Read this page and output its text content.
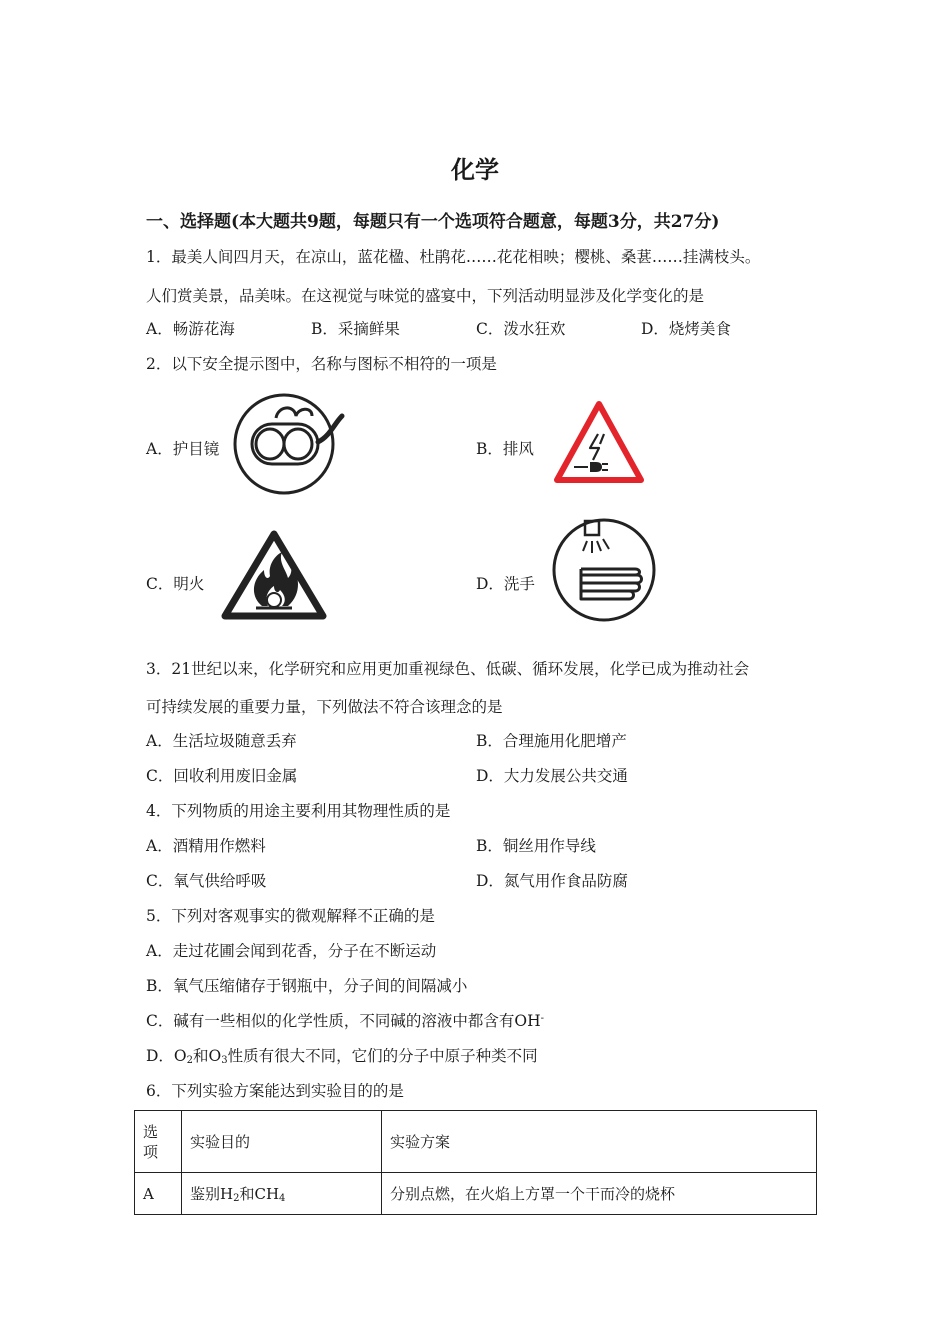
化学
一、选择题(本大题共9题，每题只有一个选项符合题意，每题3分，共27分)
1．最美人间四月天，在凉山，蓝花楹、杜鹃花……花花相映；樱桃、桑葚……挂满枝头。
人们赏美景，品美味。在这视觉与味觉的盛宴中，下列活动明显涉及化学变化的是
A．畅游花海	B．采摘鲜果	C．泼水狂欢	D．烧烤美食
2．以下安全提示图中，名称与图标不相符的一项是
A．护目镜	B．排风
C．明火	D．洗手
3．21世纪以来，化学研究和应用更加重视绿色、低碳、循环发展，化学已成为推动社会
可持续发展的重要力量，下列做法不符合该理念的是
A．生活垃圾随意丢弃	B．合理施用化肥增产
C．回收利用废旧金属	D．大力发展公共交通
4．下列物质的用途主要利用其物理性质的是
A．酒精用作燃料	B．铜丝用作导线
C．氧气供给呼吸	D．氮气用作食品防腐
5．下列对客观事实的微观解释不正确的是
A．走过花圃会闻到花香，分子在不断运动
B．氧气压缩储存于钢瓶中，分子间的间隔减小
C．碱有一些相似的化学性质，不同碱的溶液中都含有OH-
D．$O_2$和$O_3$性质有很大不同，它们的分子中原子种类不同
6．下列实验方案能达到实验目的的是
选
项	实验目的	实验方案
A	鉴别$H_2$和$CH_4$	分别点燃，在火焰上方罩一个干而冷的烧杯
